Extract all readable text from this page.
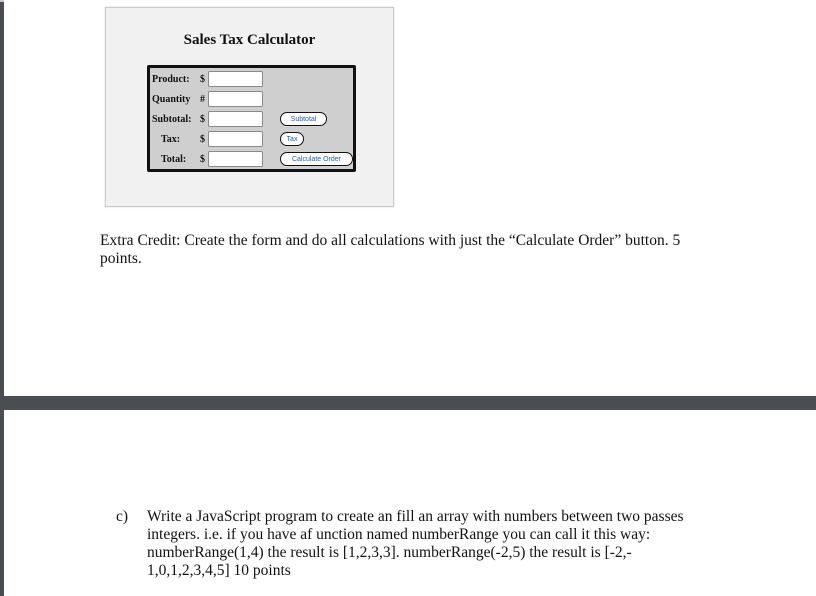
Sales Tax Calculator
Product: $
Quantity #
Subtotal: $	Subtotal
Tax: $	Tax
Total: $	Calculate Order
Extra Credit: Create the form and do all calculations with just the “Calculate Order” button. 5
points.
c) Write a JavaScript program to create an fill an array with numbers between two passes
integers. i.e. if you have af unction named numberRange you can call it this way:
numberRange(1,4) the result is [1,2,3,3]. numberRange(-2,5) the result is [-2,-
1,0,1,2,3,4,5] 10 points
